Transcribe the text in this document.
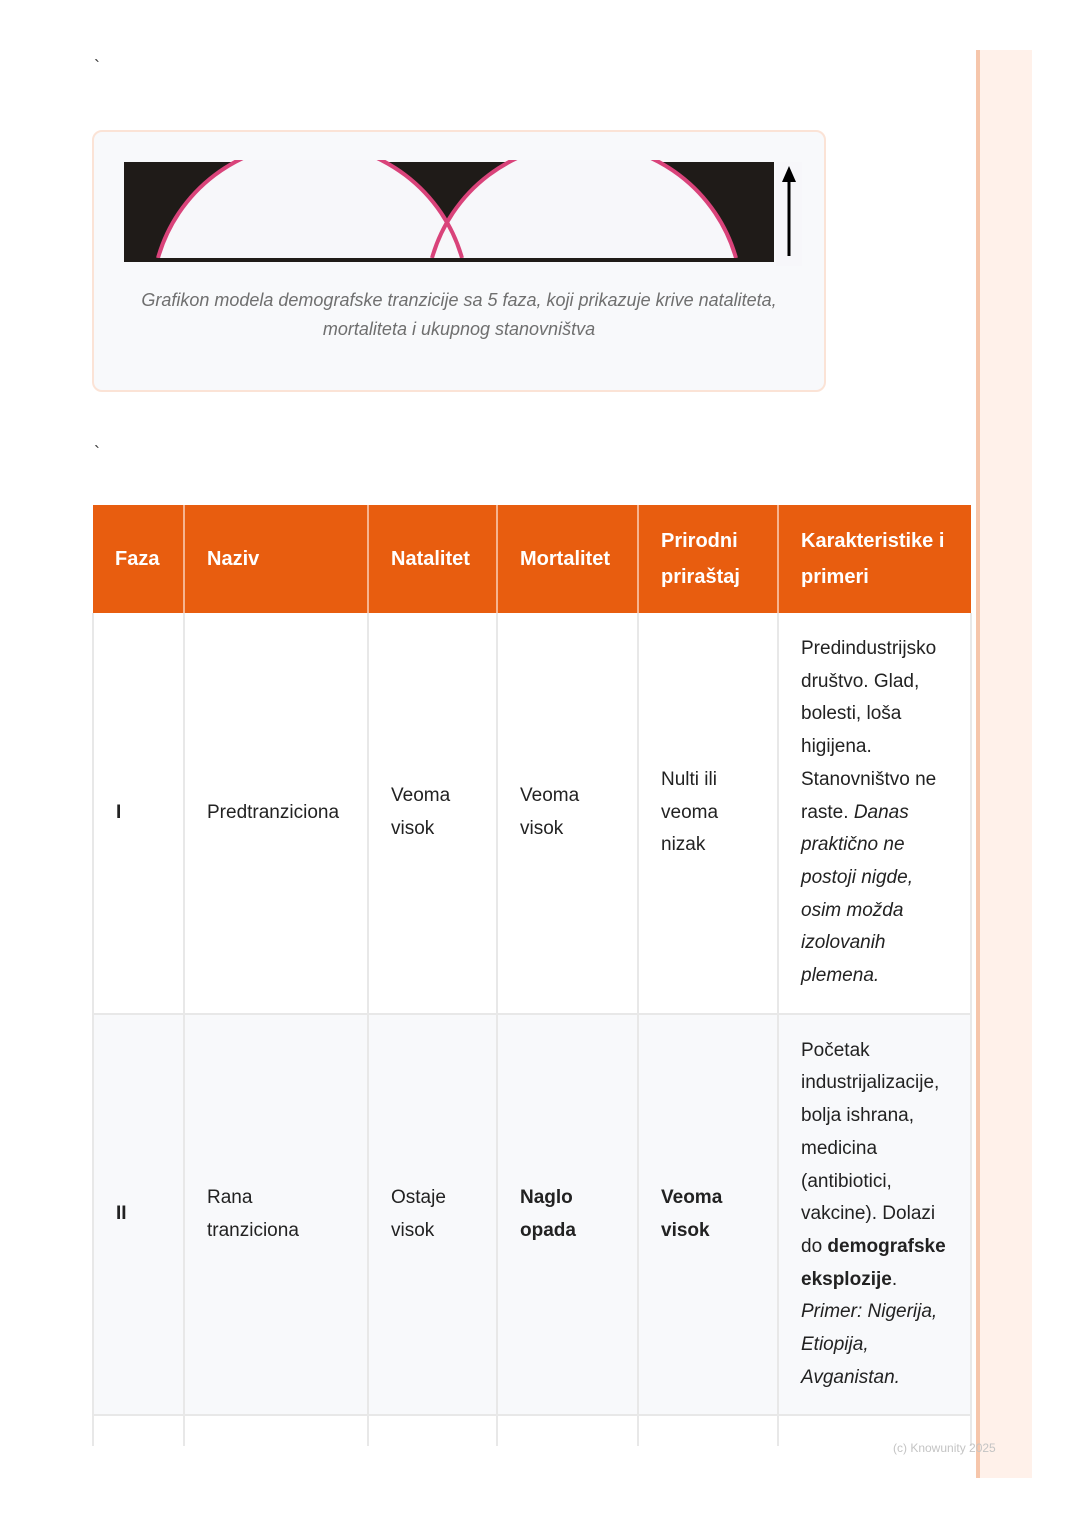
`
Grafikon modela demografske tranzicije sa 5 faza, koji prikazuje krive nataliteta, mortaliteta i ukupnog stanovništva
`
Faza	Naziv	Natalitet	Mortalitet	Prirodni priraštaj	Karakteristike i primeri
I	Predtranziciona	Veoma visok	Veoma visok	Nulti ili veoma nizak	Predindustrijsko društvo. Glad, bolesti, loša higijena. Stanovništvo ne raste. Danas praktično ne postoji nigde, osim možda izolovanih plemena.
II	Rana tranziciona	Ostaje visok	Naglo opada	Veoma visok	Početak industrijalizacije, bolja ishrana, medicina (antibiotici, vakcine). Dolazi do demografske eksplozije. Primer: Nigerija, Etiopija, Avganistan.

(c) Knowunity 2025
